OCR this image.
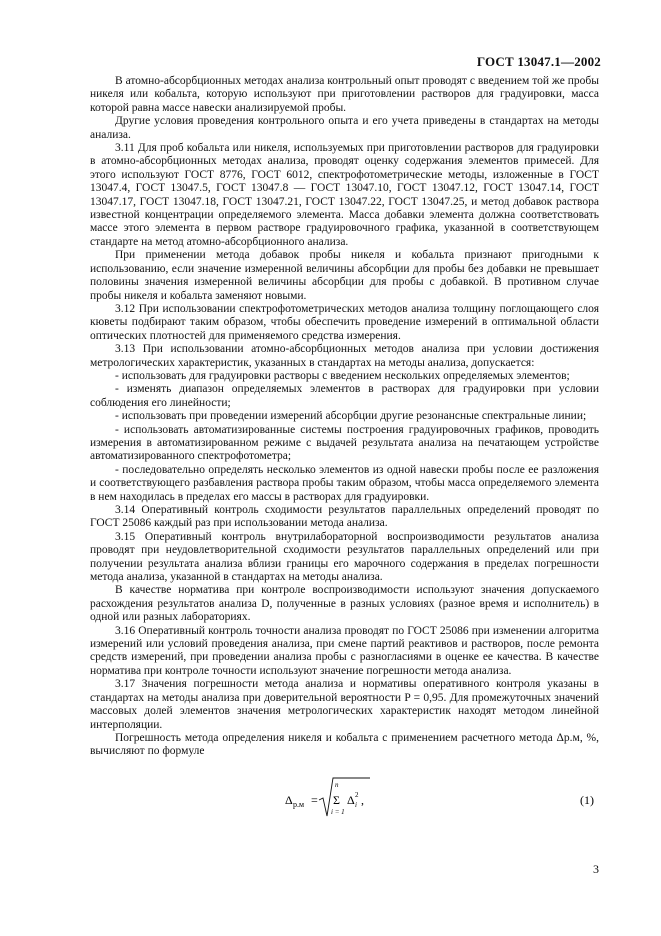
ГОСТ 13047.1—2002

В атомно-абсорбционных методах анализа контрольный опыт проводят с введением той же пробы никеля или кобальта, которую используют при приготовлении растворов для градуировки, масса которой равна массе навески анализируемой пробы.

Другие условия проведения контрольного опыта и его учета приведены в стандартах на методы анализа.

3.11 Для проб кобальта или никеля, используемых при приготовлении растворов для градуировки в атомно-абсорбционных методах анализа, проводят оценку содержания элементов примесей. Для этого используют ГОСТ 8776, ГОСТ 6012, спектрофотометрические методы, изложенные в ГОСТ 13047.4, ГОСТ 13047.5, ГОСТ 13047.8 — ГОСТ 13047.10, ГОСТ 13047.12, ГОСТ 13047.14, ГОСТ 13047.17, ГОСТ 13047.18, ГОСТ 13047.21, ГОСТ 13047.22, ГОСТ 13047.25, и метод добавок раствора известной концентрации определяемого элемента. Масса добавки элемента должна соответствовать массе этого элемента в первом растворе градуировочного графика, указанной в соответствующем стандарте на метод атомно-абсорбционного анализа.

При применении метода добавок пробы никеля и кобальта признают пригодными к использованию, если значение измеренной величины абсорбции для пробы без добавки не превышает половины значения измеренной величины абсорбции для пробы с добавкой. В противном случае пробы никеля и кобальта заменяют новыми.

3.12 При использовании спектрофотометрических методов анализа толщину поглощающего слоя кюветы подбирают таким образом, чтобы обеспечить проведение измерений в оптимальной области оптических плотностей для применяемого средства измерения.

3.13 При использовании атомно-абсорбционных методов анализа при условии достижения метрологических характеристик, указанных в стандартах на методы анализа, допускается:

- использовать для градуировки растворы с введением нескольких определяемых элементов;

- изменять диапазон определяемых элементов в растворах для градуировки при условии соблюдения его линейности;

- использовать при проведении измерений абсорбции другие резонансные спектральные линии;

- использовать автоматизированные системы построения градуировочных графиков, проводить измерения в автоматизированном режиме с выдачей результата анализа на печатающем устройстве автоматизированного спектрофотометра;

- последовательно определять несколько элементов из одной навески пробы после ее разложения и соответствующего разбавления раствора пробы таким образом, чтобы масса определяемого элемента в нем находилась в пределах его массы в растворах для градуировки.

3.14 Оперативный контроль сходимости результатов параллельных определений проводят по ГОСТ 25086 каждый раз при использовании метода анализа.

3.15 Оперативный контроль внутрилабораторной воспроизводимости результатов анализа проводят при неудовлетворительной сходимости результатов параллельных определений или при получении результата анализа вблизи границы его марочного содержания в пределах погрешности метода анализа, указанной в стандартах на методы анализа.

В качестве норматива при контроле воспроизводимости используют значения допускаемого расхождения результатов анализа D, полученные в разных условиях (разное время и исполнитель) в одной или разных лабораториях.

3.16 Оперативный контроль точности анализа проводят по ГОСТ 25086 при изменении алгоритма измерений или условий проведения анализа, при смене партий реактивов и растворов, после ремонта средств измерений, при проведении анализа пробы с разногласиями в оценке ее качества. В качестве норматива при контроле точности используют значение погрешности метода анализа.

3.17 Значения погрешности метода анализа и нормативы оперативного контроля указаны в стандартах на методы анализа при доверительной вероятности P = 0,95. Для промежуточных значений массовых долей элементов значения метрологических характеристик находят методом линейной интерполяции.

Погрешность метода определения никеля и кобальта с применением расчетного метода Δр.м, %, вычисляют по формуле

Δ р.м =
n
Σ
i = 1
Δ i
2 ,	(1)
3
